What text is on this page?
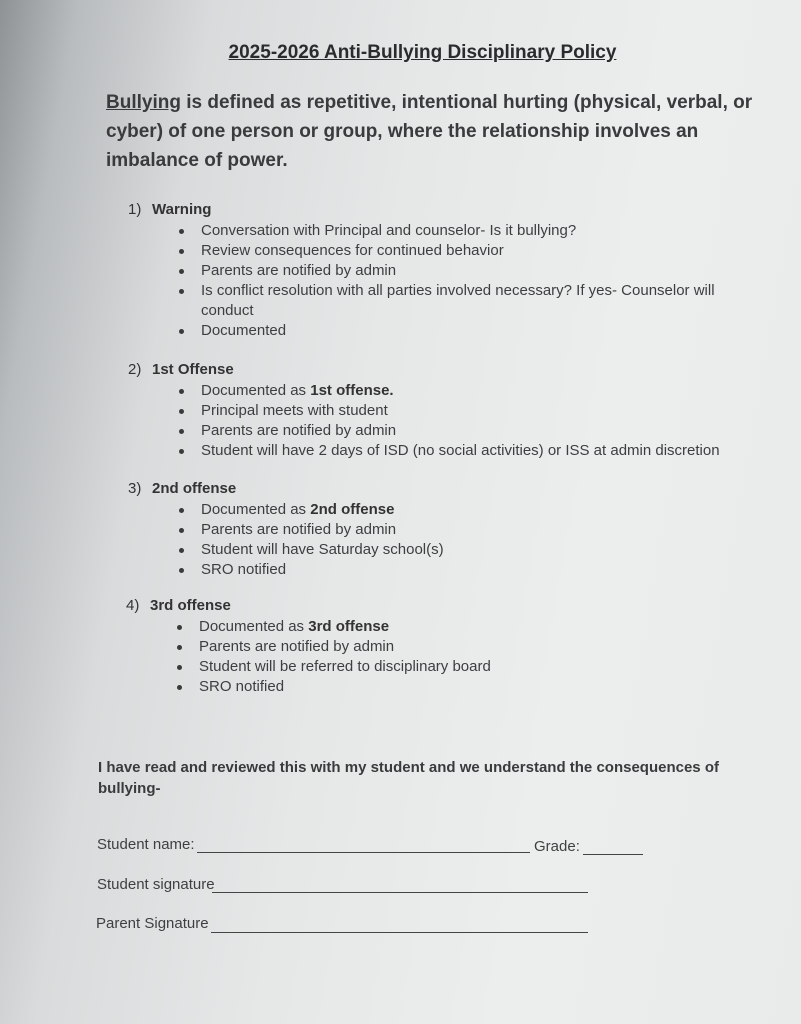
2025-2026 Anti-Bullying Disciplinary Policy
Bullying is defined as repetitive, intentional hurting (physical, verbal, or cyber) of one person or group, where the relationship involves an imbalance of power.
1) Warning
Conversation with Principal and counselor- Is it bullying?
Review consequences for continued behavior
Parents are notified by admin
Is conflict resolution with all parties involved necessary? If yes- Counselor will conduct
Documented
2) 1st Offense
Documented as 1st offense.
Principal meets with student
Parents are notified by admin
Student will have 2 days of ISD (no social activities) or ISS at admin discretion
3) 2nd offense
Documented as 2nd offense
Parents are notified by admin
Student will have Saturday school(s)
SRO notified
4) 3rd offense
Documented as 3rd offense
Parents are notified by admin
Student will be referred to disciplinary board
SRO notified
I have read and reviewed this with my student and we understand the consequences of bullying-
Student name:	Grade:
Student signature
Parent Signature
